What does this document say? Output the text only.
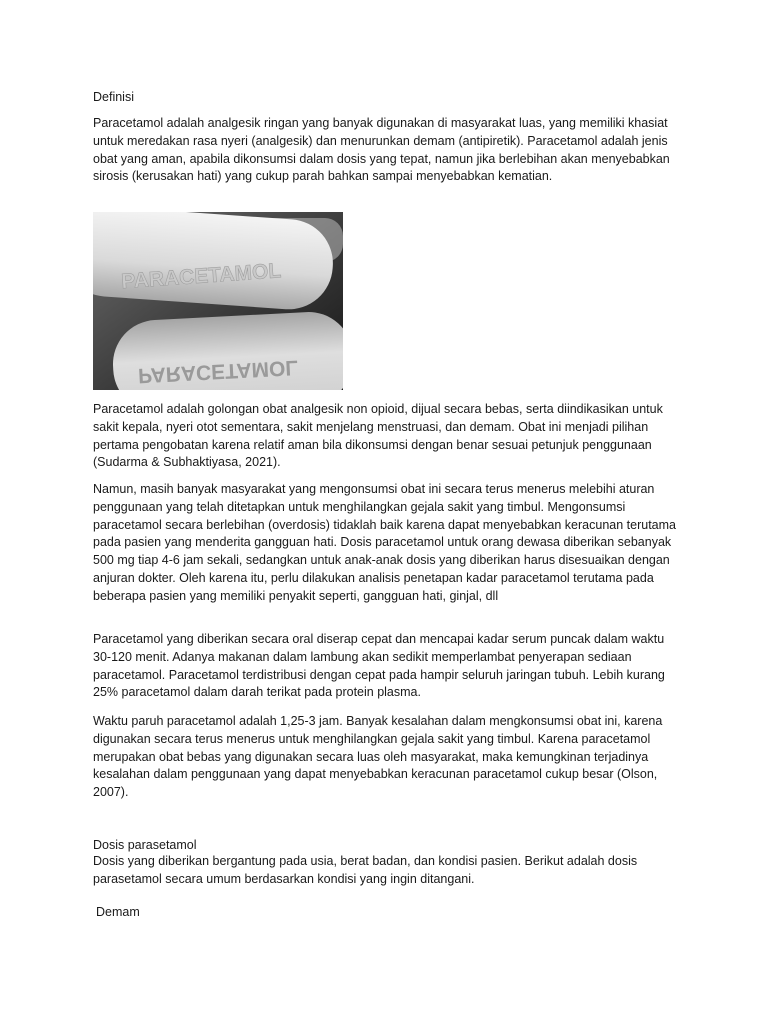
Definisi

Paracetamol adalah analgesik ringan yang banyak digunakan di masyarakat luas, yang memiliki khasiat untuk meredakan rasa nyeri (analgesik) dan menurunkan demam (antipiretik). Paracetamol adalah jenis obat yang aman, apabila dikonsumsi dalam dosis yang tepat, namun jika berlebihan akan menyebabkan sirosis (kerusakan hati) yang cukup parah bahkan sampai menyebabkan kematian.

PARACETAMOL
PARACETAMOL

Paracetamol adalah golongan obat analgesik non opioid, dijual secara bebas, serta diindikasikan untuk sakit kepala, nyeri otot sementara, sakit menjelang menstruasi, dan demam. Obat ini menjadi pilihan pertama pengobatan karena relatif aman bila dikonsumsi dengan benar sesuai petunjuk penggunaan (Sudarma & Subhaktiyasa, 2021).

Namun, masih banyak masyarakat yang mengonsumsi obat ini secara terus menerus melebihi aturan penggunaan yang telah ditetapkan untuk menghilangkan gejala sakit yang timbul. Mengonsumsi paracetamol secara berlebihan (overdosis) tidaklah baik karena dapat menyebabkan keracunan terutama pada pasien yang menderita gangguan hati. Dosis paracetamol untuk orang dewasa diberikan sebanyak 500 mg tiap 4-6 jam sekali, sedangkan untuk anak-anak dosis yang diberikan harus disesuaikan dengan anjuran dokter. Oleh karena itu, perlu dilakukan analisis penetapan kadar paracetamol terutama pada beberapa pasien yang memiliki penyakit seperti, gangguan hati, ginjal, dll

Paracetamol yang diberikan secara oral diserap cepat dan mencapai kadar serum puncak dalam waktu 30-120 menit. Adanya makanan dalam lambung akan sedikit memperlambat penyerapan sediaan paracetamol. Paracetamol terdistribusi dengan cepat pada hampir seluruh jaringan tubuh. Lebih kurang 25% paracetamol dalam darah terikat pada protein plasma.

Waktu paruh paracetamol adalah 1,25-3 jam. Banyak kesalahan dalam mengkonsumsi obat ini, karena digunakan secara terus menerus untuk menghilangkan gejala sakit yang timbul. Karena paracetamol merupakan obat bebas yang digunakan secara luas oleh masyarakat, maka kemungkinan terjadinya kesalahan dalam penggunaan yang dapat menyebabkan keracunan paracetamol cukup besar (Olson, 2007).

Dosis parasetamol

Dosis yang diberikan bergantung pada usia, berat badan, dan kondisi pasien. Berikut adalah dosis parasetamol secara umum berdasarkan kondisi yang ingin ditangani.

Demam
